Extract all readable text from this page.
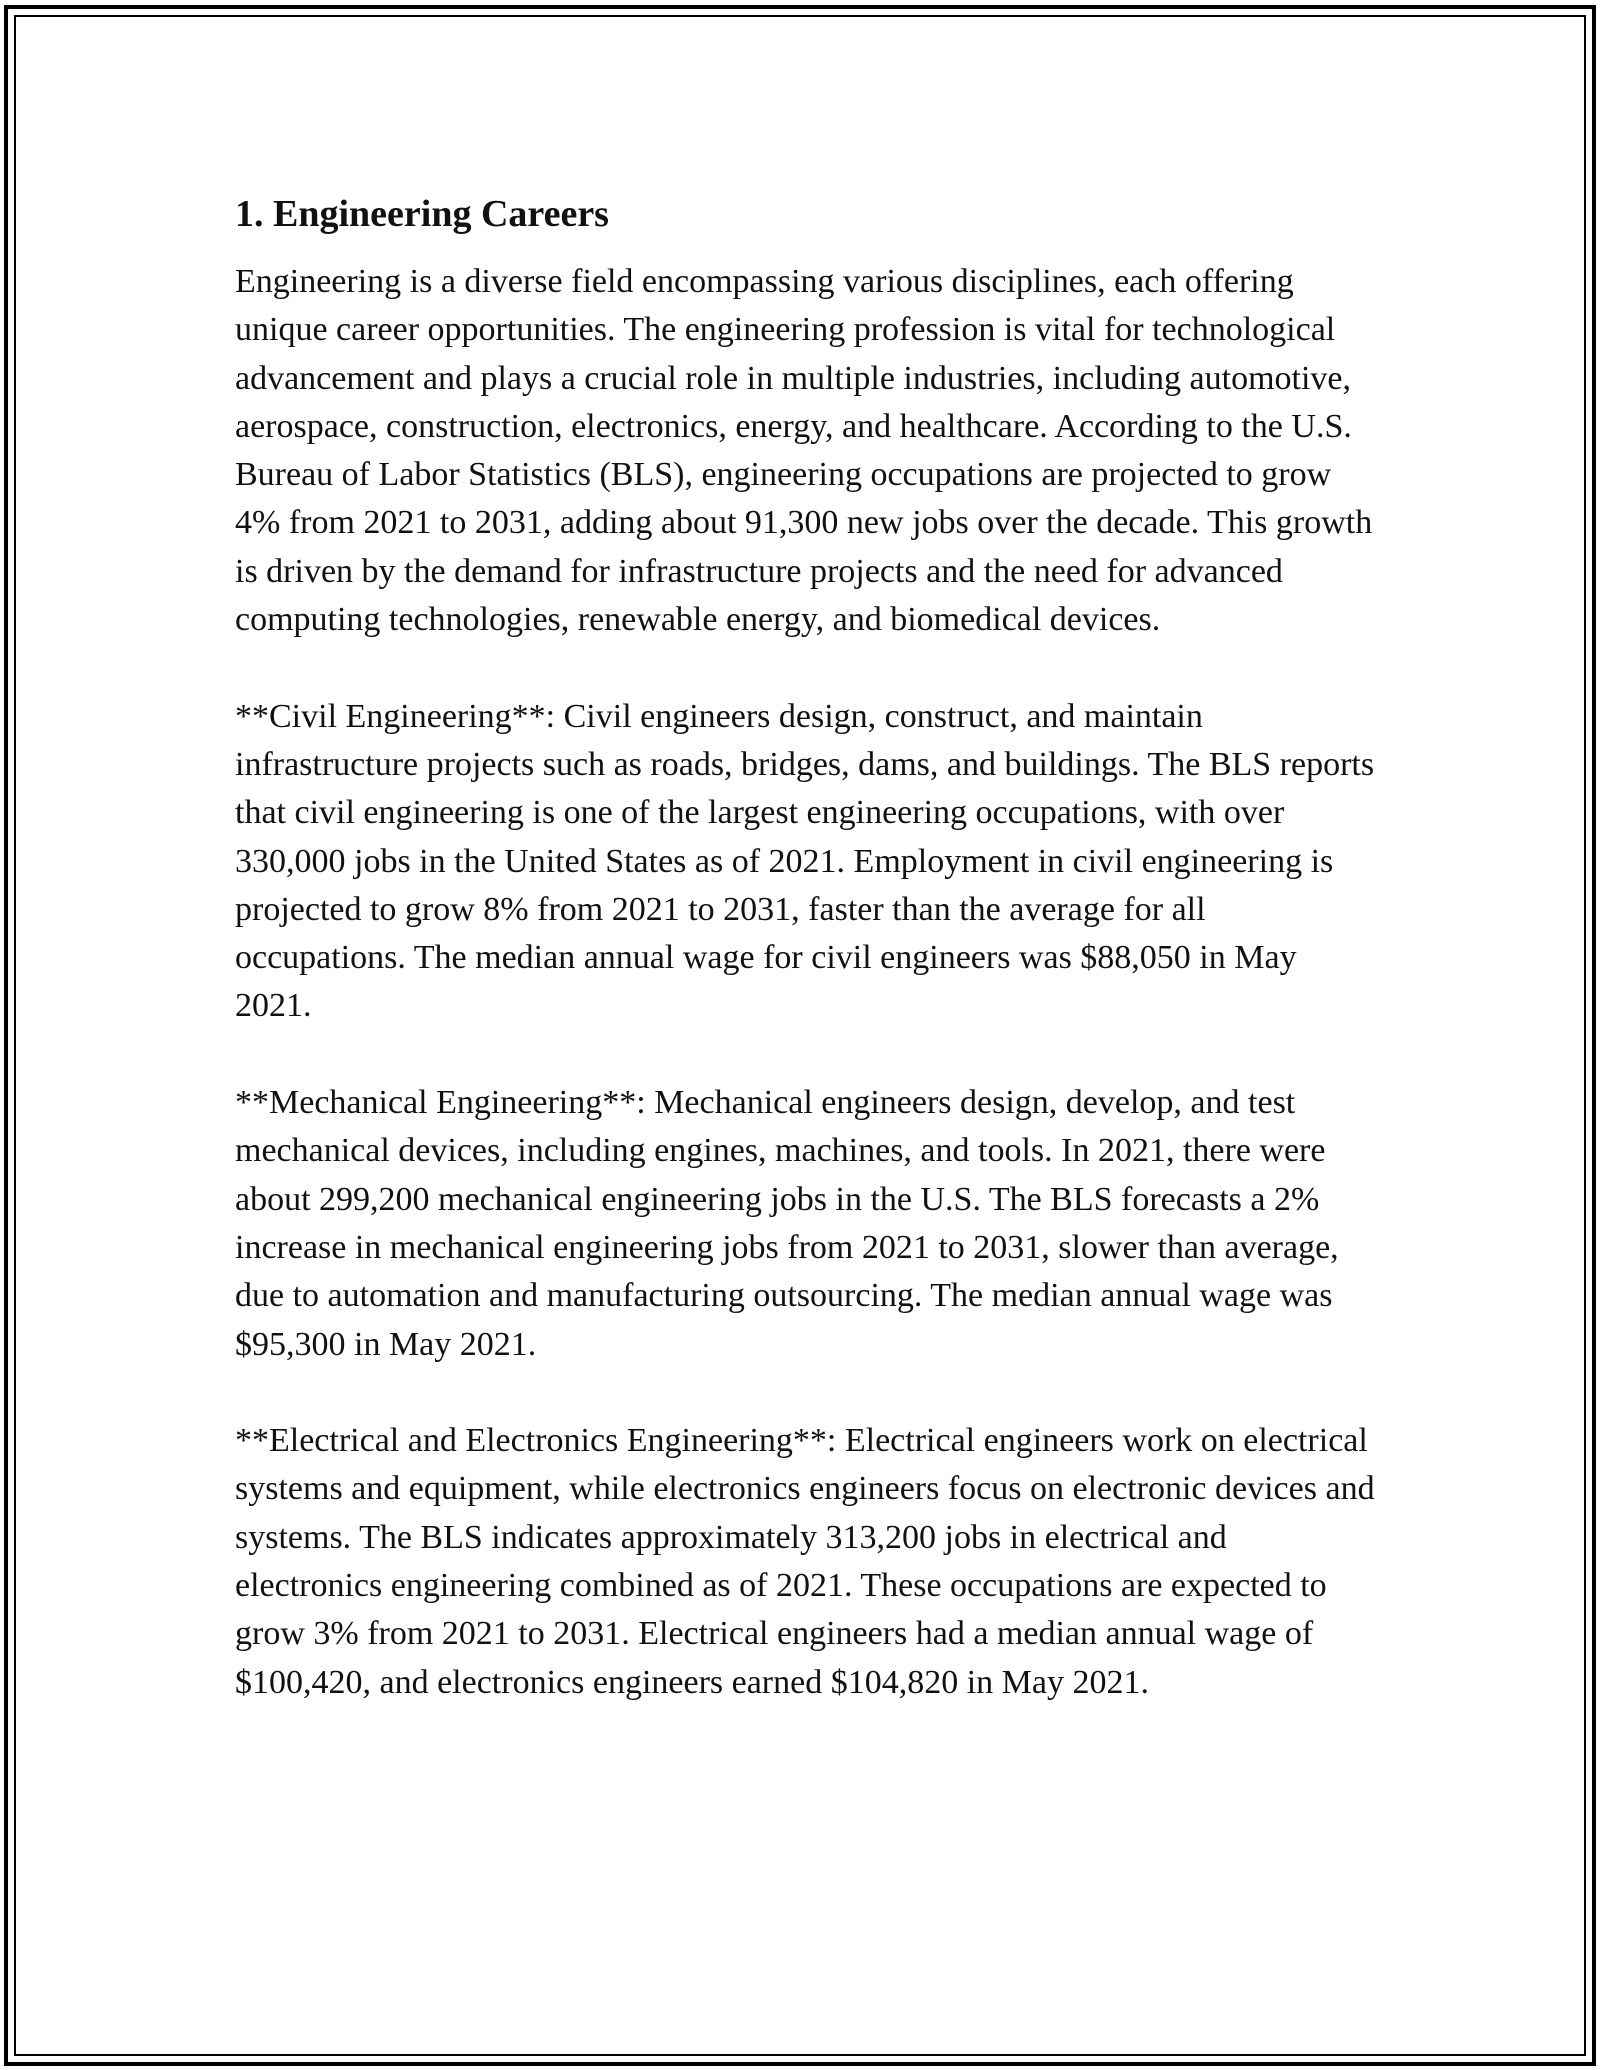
1. Engineering Careers

Engineering is a diverse field encompassing various disciplines, each offering unique career opportunities. The engineering profession is vital for technological advancement and plays a crucial role in multiple industries, including automotive, aerospace, construction, electronics, energy, and healthcare. According to the U.S. Bureau of Labor Statistics (BLS), engineering occupations are projected to grow 4% from 2021 to 2031, adding about 91,300 new jobs over the decade. This growth is driven by the demand for infrastructure projects and the need for advanced computing technologies, renewable energy, and biomedical devices.

**Civil Engineering**: Civil engineers design, construct, and maintain infrastructure projects such as roads, bridges, dams, and buildings. The BLS reports that civil engineering is one of the largest engineering occupations, with over 330,000 jobs in the United States as of 2021. Employment in civil engineering is projected to grow 8% from 2021 to 2031, faster than the average for all occupations. The median annual wage for civil engineers was $88,050 in May 2021.

**Mechanical Engineering**: Mechanical engineers design, develop, and test mechanical devices, including engines, machines, and tools. In 2021, there were about 299,200 mechanical engineering jobs in the U.S. The BLS forecasts a 2% increase in mechanical engineering jobs from 2021 to 2031, slower than average, due to automation and manufacturing outsourcing. The median annual wage was $95,300 in May 2021.

**Electrical and Electronics Engineering**: Electrical engineers work on electrical systems and equipment, while electronics engineers focus on electronic devices and systems. The BLS indicates approximately 313,200 jobs in electrical and electronics engineering combined as of 2021. These occupations are expected to grow 3% from 2021 to 2031. Electrical engineers had a median annual wage of $100,420, and electronics engineers earned $104,820 in May 2021.
